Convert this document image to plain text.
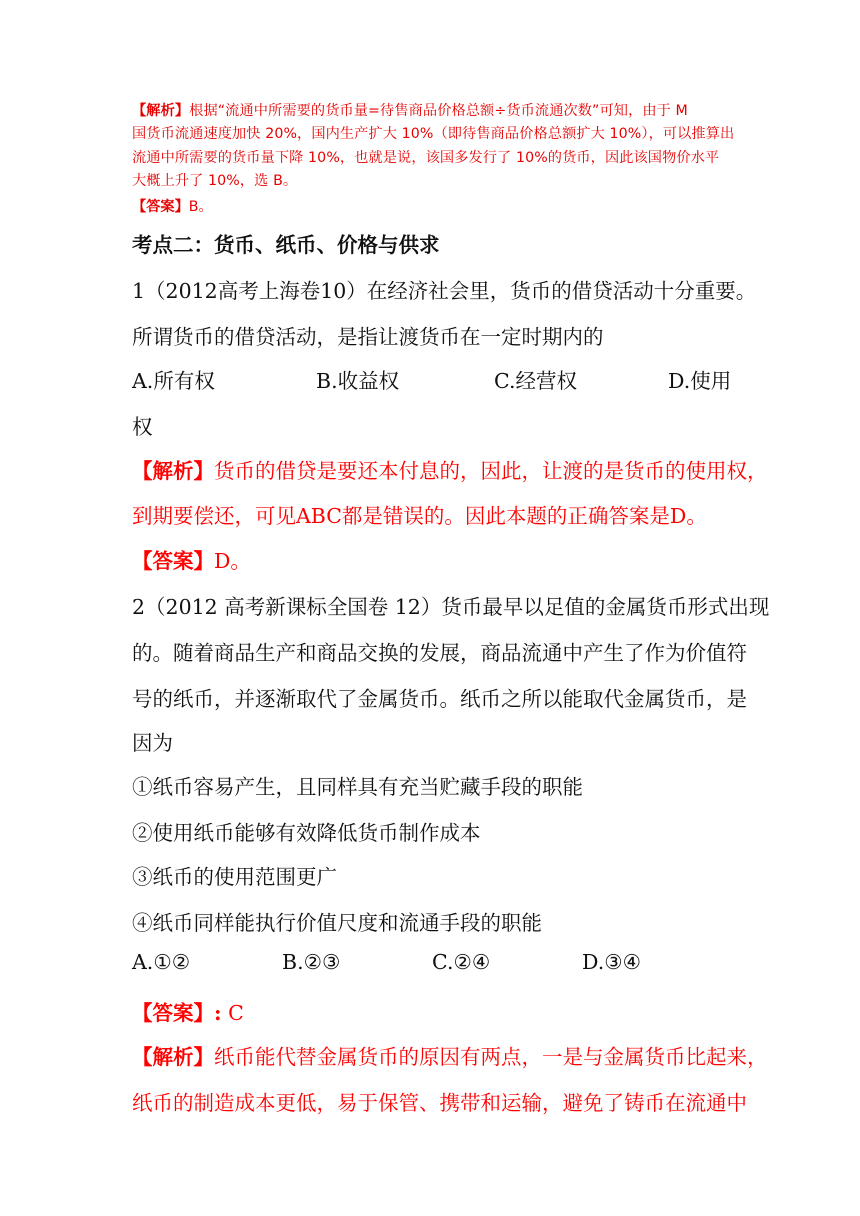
【解析】根据“流通中所需要的货币量=待售商品价格总额÷货币流通次数”可知，由于 M
国货币流通速度加快 20%，国内生产扩大 10%（即待售商品价格总额扩大 10%），可以推算出
流通中所需要的货币量下降 10%，也就是说，该国多发行了 10%的货币，因此该国物价水平
大概上升了 10%，选 B。
【答案】B。
考点二：货币、纸币、价格与供求
1（2012高考上海卷10）在经济社会里，货币的借贷活动十分重要。
所谓货币的借贷活动，是指让渡货币在一定时期内的
A.所有权	B.收益权	C.经营权	D.使用
权
【解析】货币的借贷是要还本付息的，因此，让渡的是货币的使用权，
到期要偿还，可见ABC都是错误的。因此本题的正确答案是D。
【答案】D。
2（2012 高考新课标全国卷 12）货币最早以足值的金属货币形式出现
的。随着商品生产和商品交换的发展，商品流通中产生了作为价值符
号的纸币，并逐渐取代了金属货币。纸币之所以能取代金属货币，是
因为
①纸币容易产生，且同样具有充当贮藏手段的职能
②使用纸币能够有效降低货币制作成本
③纸币的使用范围更广
④纸币同样能执行价值尺度和流通手段的职能
A.①②	B.②③	C.②④	D.③④
【答案】: C
【解析】纸币能代替金属货币的原因有两点，一是与金属货币比起来，
纸币的制造成本更低，易于保管、携带和运输，避免了铸币在流通中
